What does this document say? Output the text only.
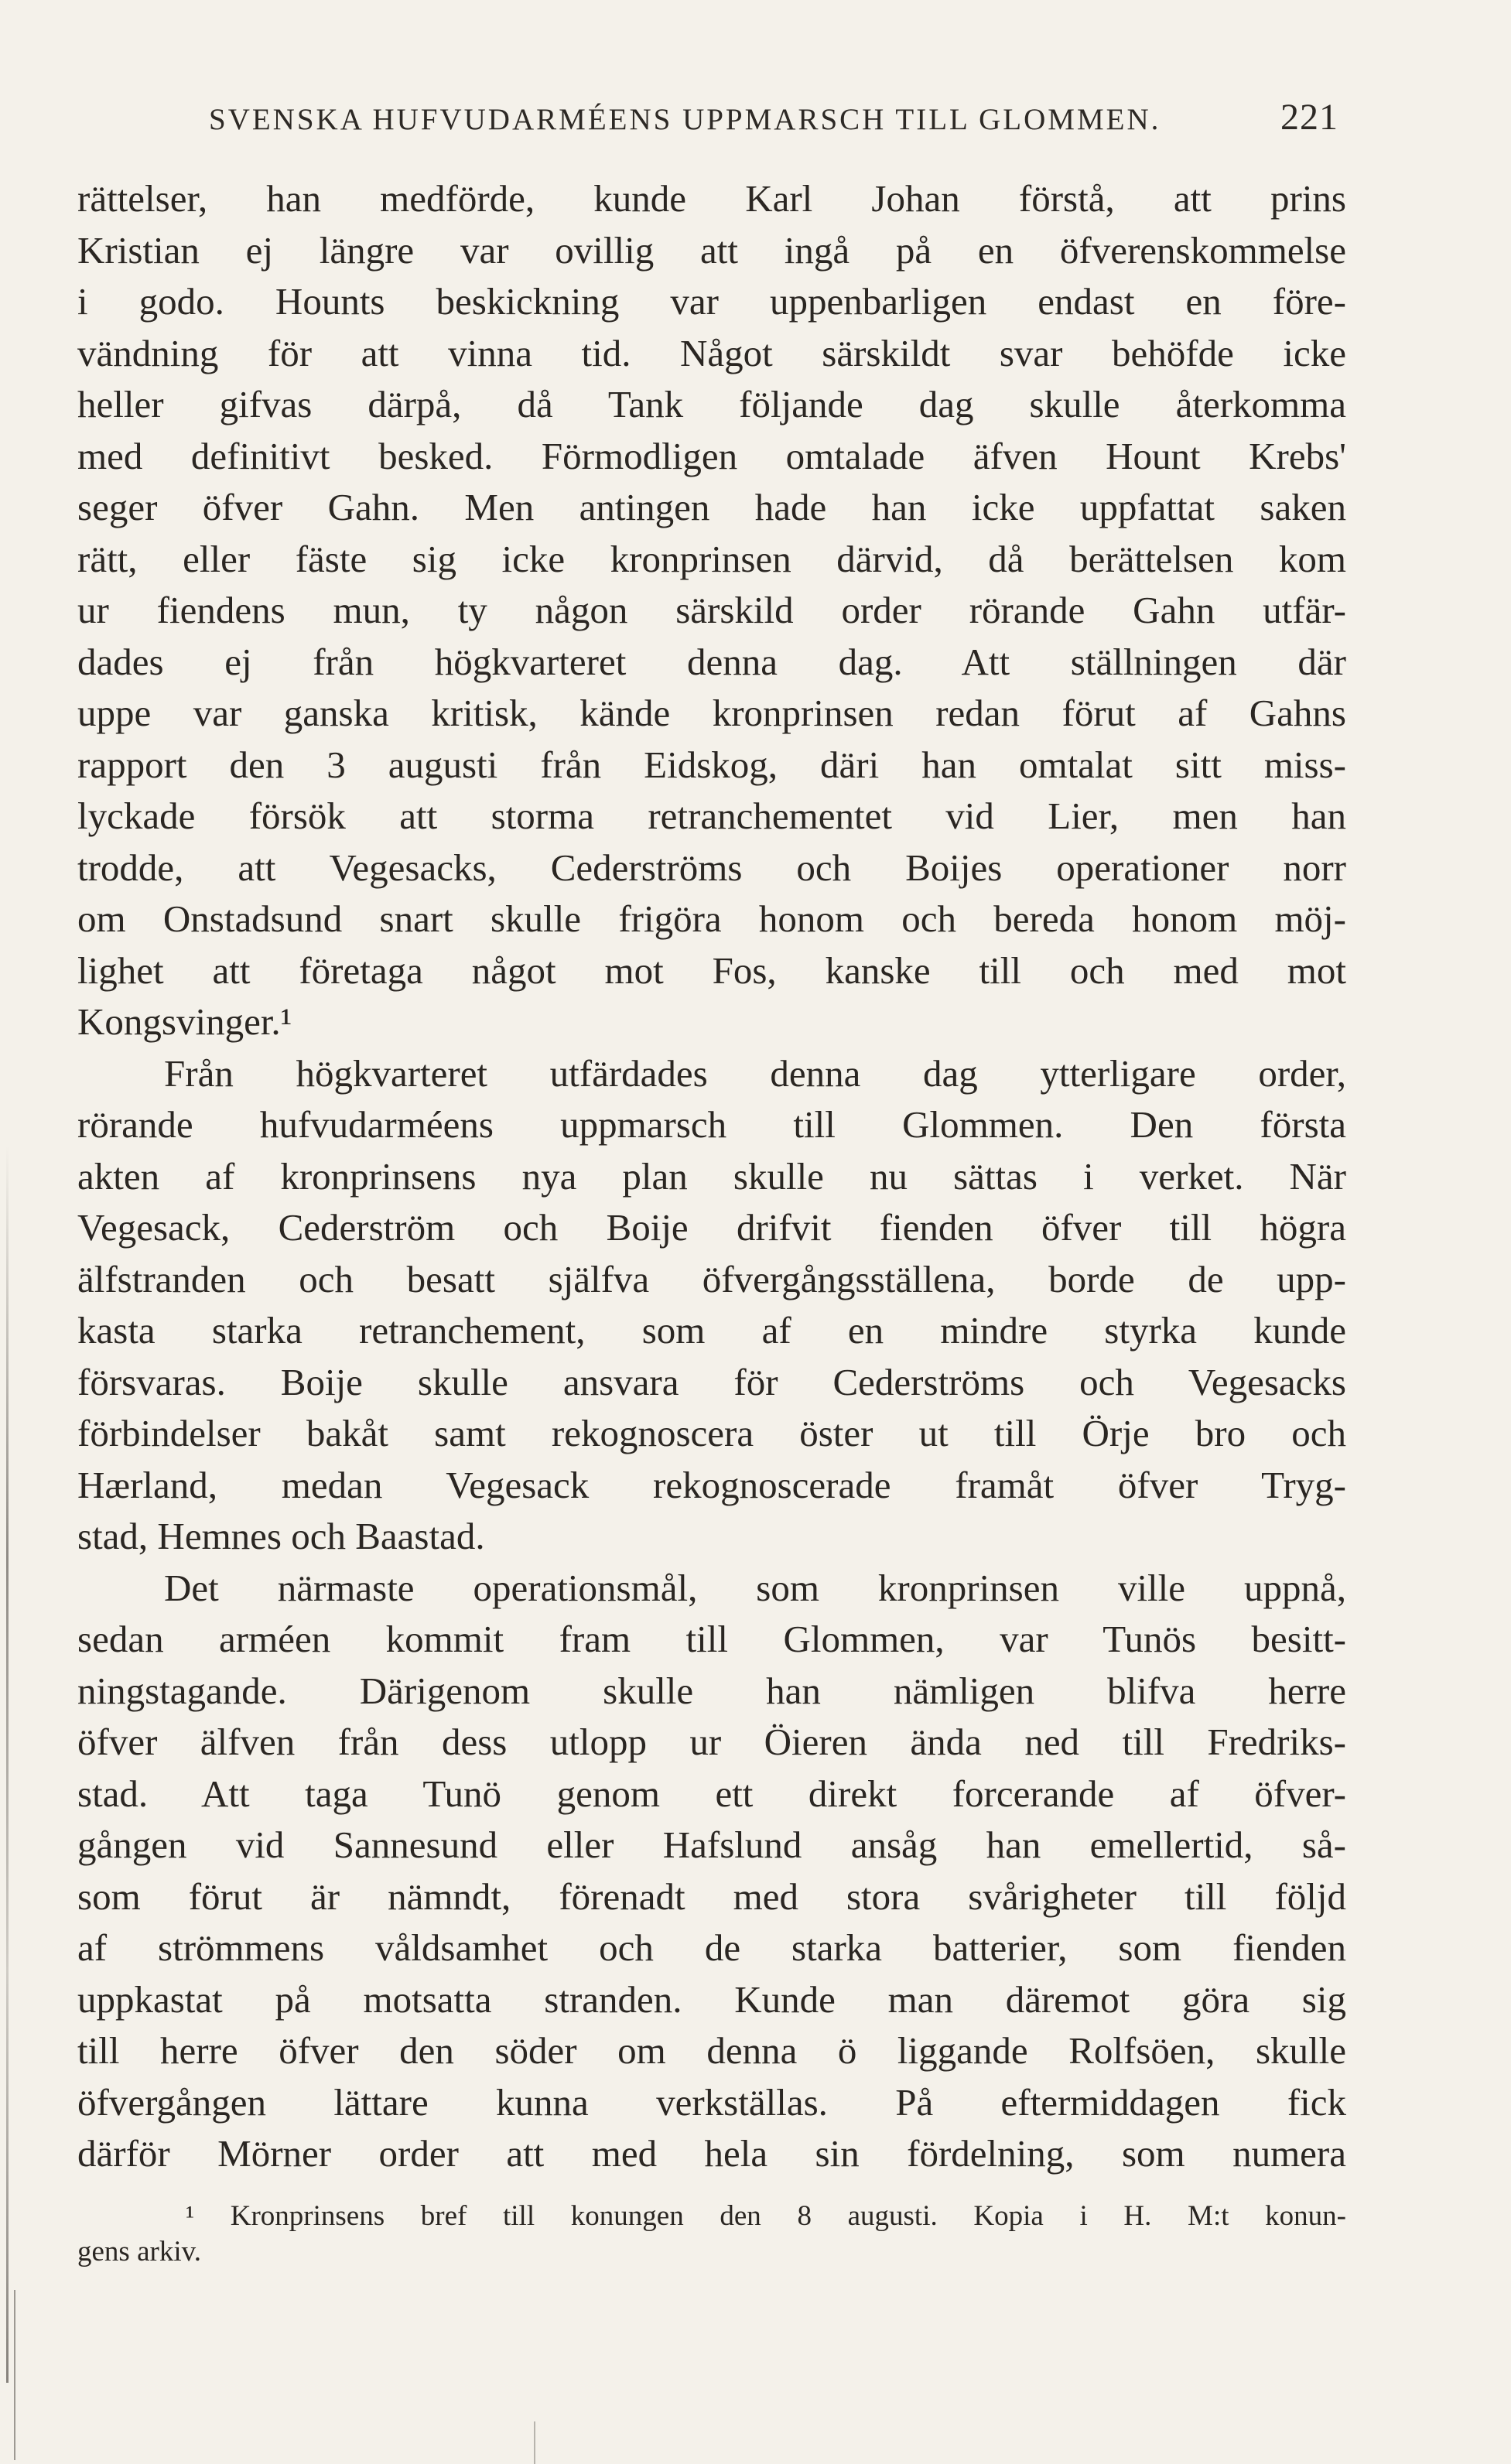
SVENSKA HUFVUDARMÉENS UPPMARSCH TILL GLOMMEN.	221
rättelser, han medförde, kunde Karl Johan förstå, att prins
Kristian ej längre var ovillig att ingå på en öfverenskommelse
i godo. Hounts beskickning var uppenbarligen endast en före-
vändning för att vinna tid. Något särskildt svar behöfde icke
heller gifvas därpå, då Tank följande dag skulle återkomma
med definitivt besked. Förmodligen omtalade äfven Hount Krebs'
seger öfver Gahn. Men antingen hade han icke uppfattat saken
rätt, eller fäste sig icke kronprinsen därvid, då berättelsen kom
ur fiendens mun, ty någon särskild order rörande Gahn utfär-
dades ej från högkvarteret denna dag. Att ställningen där
uppe var ganska kritisk, kände kronprinsen redan förut af Gahns
rapport den 3 augusti från Eidskog, däri han omtalat sitt miss-
lyckade försök att storma retranchementet vid Lier, men han
trodde, att Vegesacks, Cederströms och Boijes operationer norr
om Onstadsund snart skulle frigöra honom och bereda honom möj-
lighet att företaga något mot Fos, kanske till och med mot
Kongsvinger.¹
Från högkvarteret utfärdades denna dag ytterligare order,
rörande hufvudarméens uppmarsch till Glommen. Den första
akten af kronprinsens nya plan skulle nu sättas i verket. När
Vegesack, Cederström och Boije drifvit fienden öfver till högra
älfstranden och besatt själfva öfvergångsställena, borde de upp-
kasta starka retranchement, som af en mindre styrka kunde
försvaras. Boije skulle ansvara för Cederströms och Vegesacks
förbindelser bakåt samt rekognoscera öster ut till Örje bro och
Hærland, medan Vegesack rekognoscerade framåt öfver Tryg-
stad, Hemnes och Baastad.
Det närmaste operationsmål, som kronprinsen ville uppnå,
sedan arméen kommit fram till Glommen, var Tunös besitt-
ningstagande. Därigenom skulle han nämligen blifva herre
öfver älfven från dess utlopp ur Öieren ända ned till Fredriks-
stad. Att taga Tunö genom ett direkt forcerande af öfver-
gången vid Sannesund eller Hafslund ansåg han emellertid, så-
som förut är nämndt, förenadt med stora svårigheter till följd
af strömmens våldsamhet och de starka batterier, som fienden
uppkastat på motsatta stranden. Kunde man däremot göra sig
till herre öfver den söder om denna ö liggande Rolfsöen, skulle
öfvergången lättare kunna verkställas. På eftermiddagen fick
därför Mörner order att med hela sin fördelning, som numera
¹ Kronprinsens bref till konungen den 8 augusti. Kopia i H. M:t konun-
gens arkiv.
